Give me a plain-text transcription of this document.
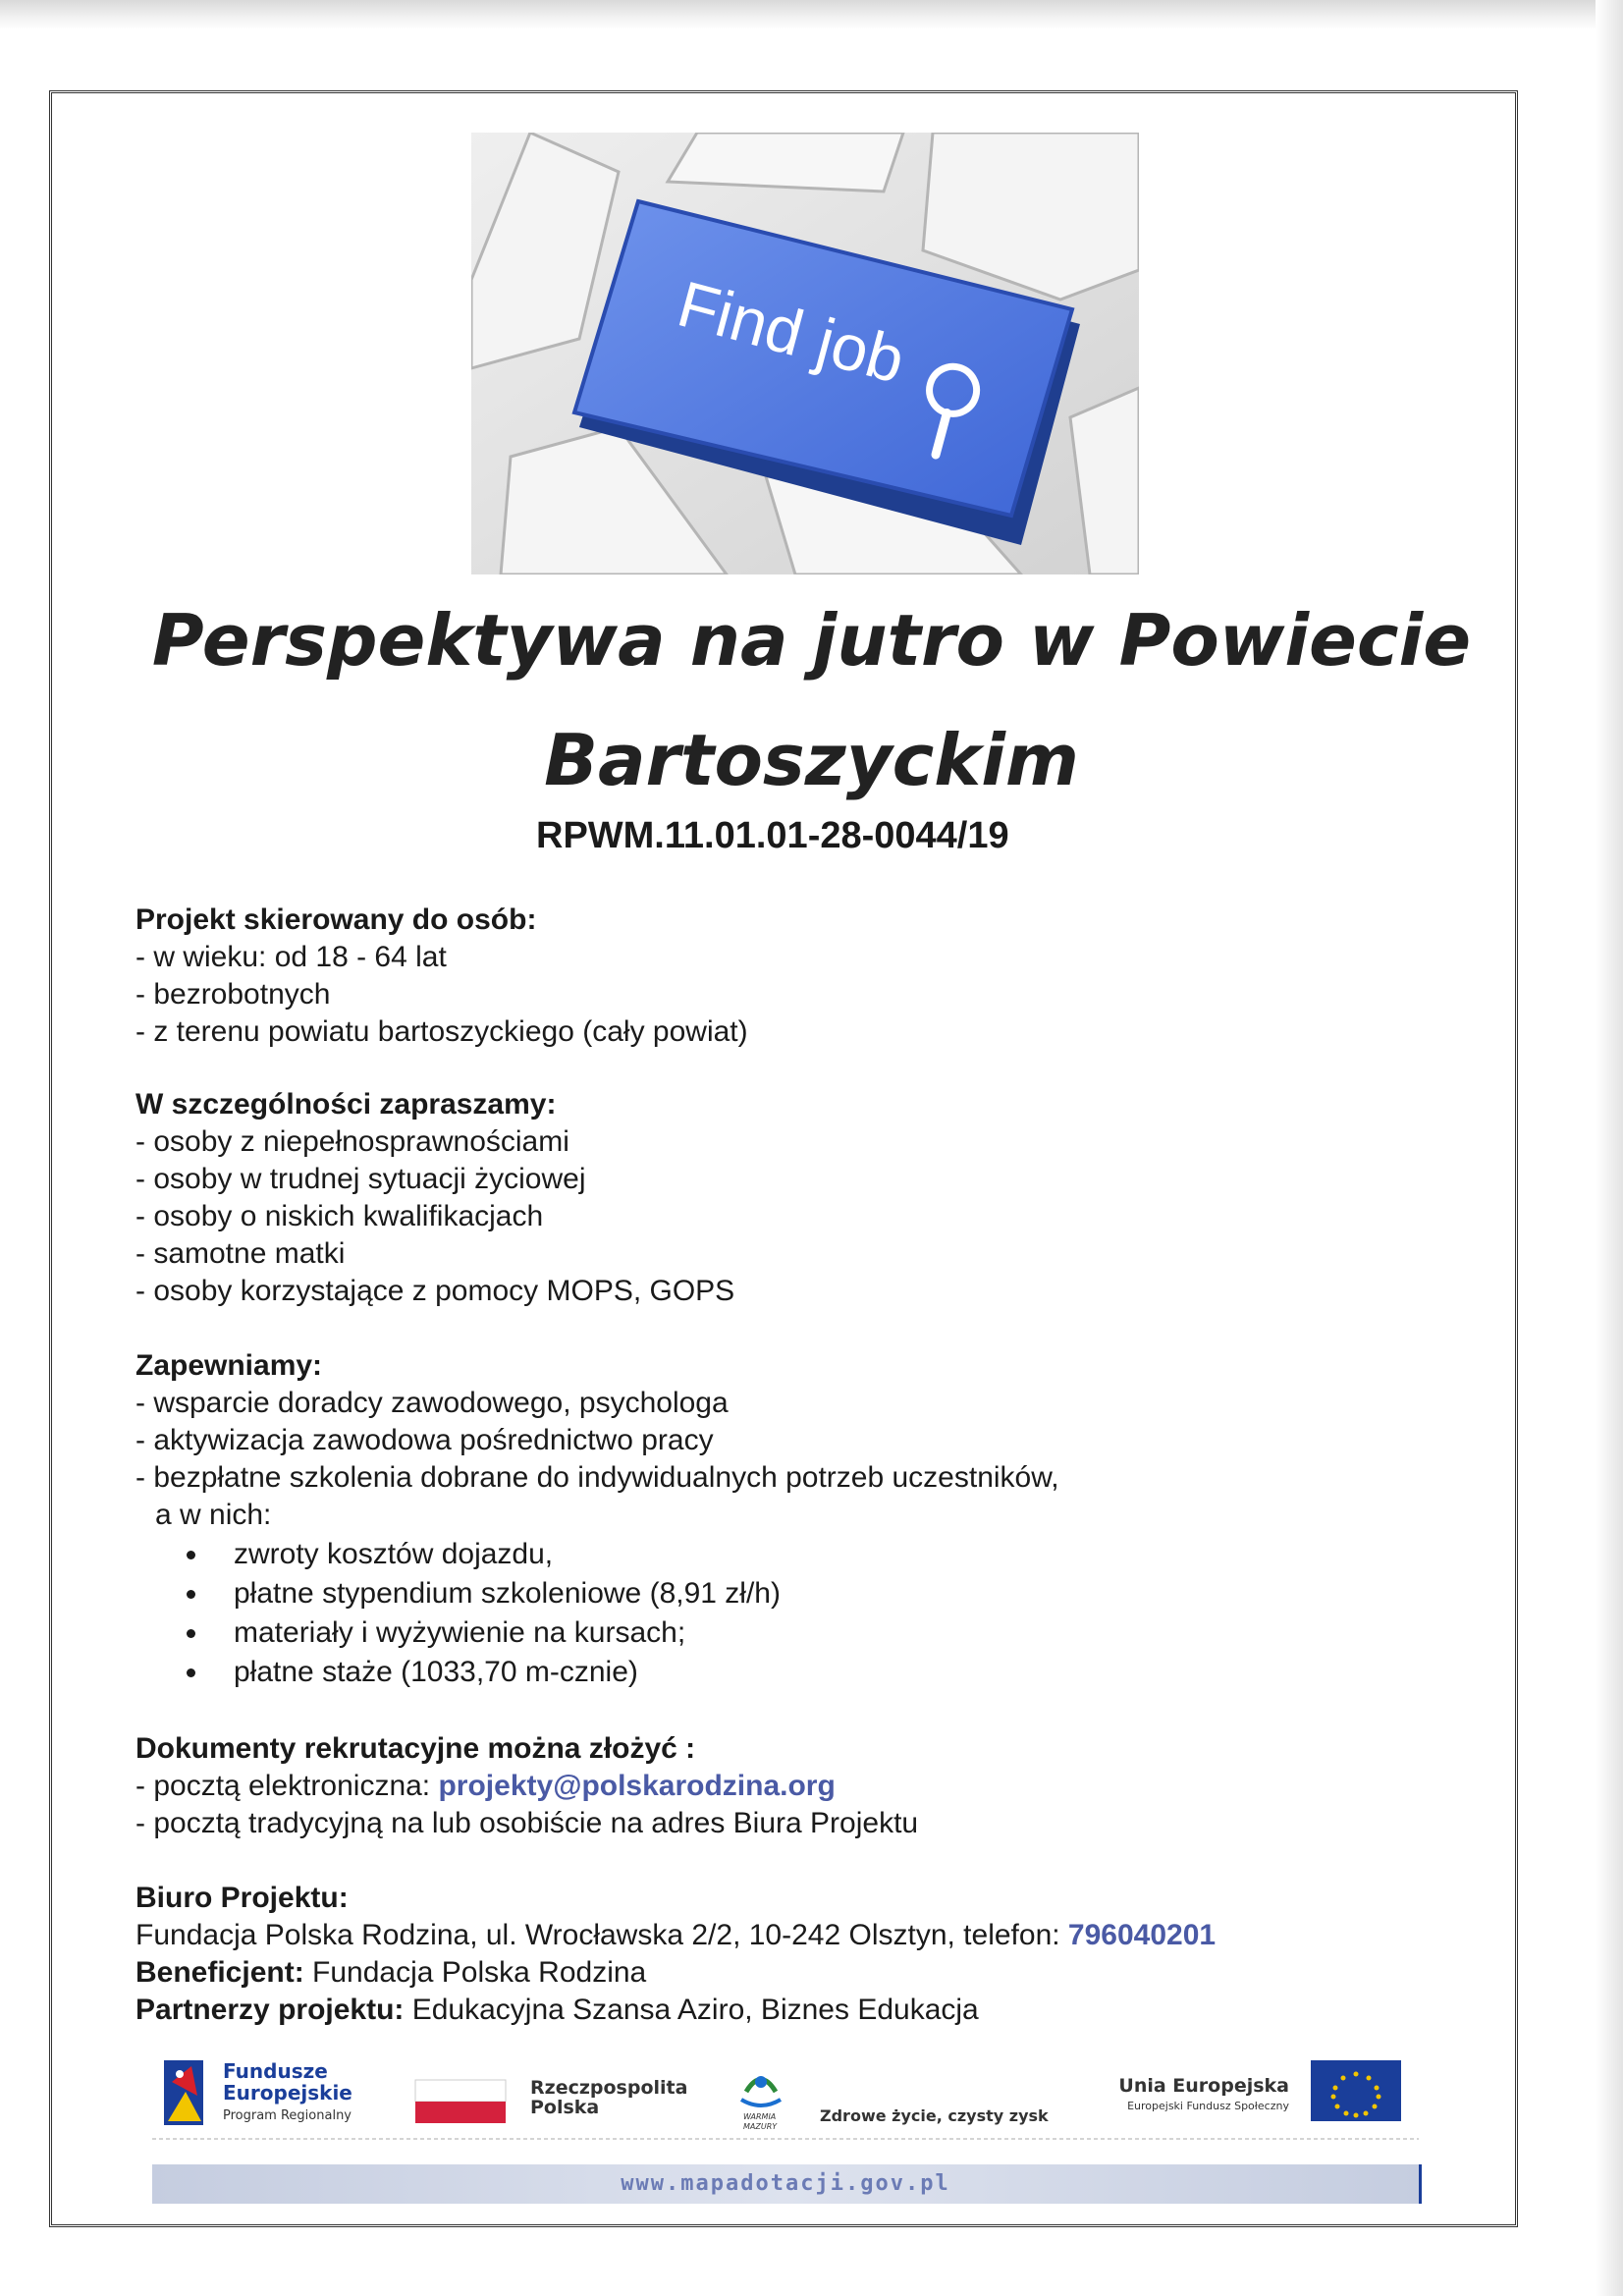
Find job
Perspektywa na jutro w Powiecie
Bartoszyckim
RPWM.11.01.01-28-0044/19
Projekt skierowany do osób:
- w wieku: od 18 - 64 lat
- bezrobotnych
- z terenu powiatu bartoszyckiego (cały powiat)
W szczególności zapraszamy:
- osoby z niepełnosprawnościami
- osoby w trudnej sytuacji życiowej
- osoby o niskich kwalifikacjach
- samotne matki
- osoby korzystające z pomocy MOPS, GOPS
Zapewniamy:
- wsparcie doradcy zawodowego, psychologa
- aktywizacja zawodowa pośrednictwo pracy
- bezpłatne szkolenia dobrane do indywidualnych potrzeb uczestników,
a w nich:
zwroty kosztów dojazdu,
płatne stypendium szkoleniowe (8,91 zł/h)
materiały i wyżywienie na kursach;
płatne staże (1033,70 m-cznie)
Dokumenty rekrutacyjne można złożyć :
- pocztą elektroniczna: projekty@polskarodzina.org
- pocztą tradycyjną na lub osobiście na adres Biura Projektu
Biuro Projektu:
Fundacja Polska Rodzina, ul. Wrocławska 2/2, 10-242 Olsztyn, telefon: 796040201
Beneficjent: Fundacja Polska Rodzina
Partnerzy projektu: Edukacyjna Szansa Aziro, Biznes Edukacja
Fundusze
Europejskie
Program Regionalny
Rzeczpospolita
Polska	WARMIA
MAZURY
Zdrowe życie, czysty zysk
Unia Europejska
Europejski Fundusz Społeczny
www.mapadotacji.gov.pl
